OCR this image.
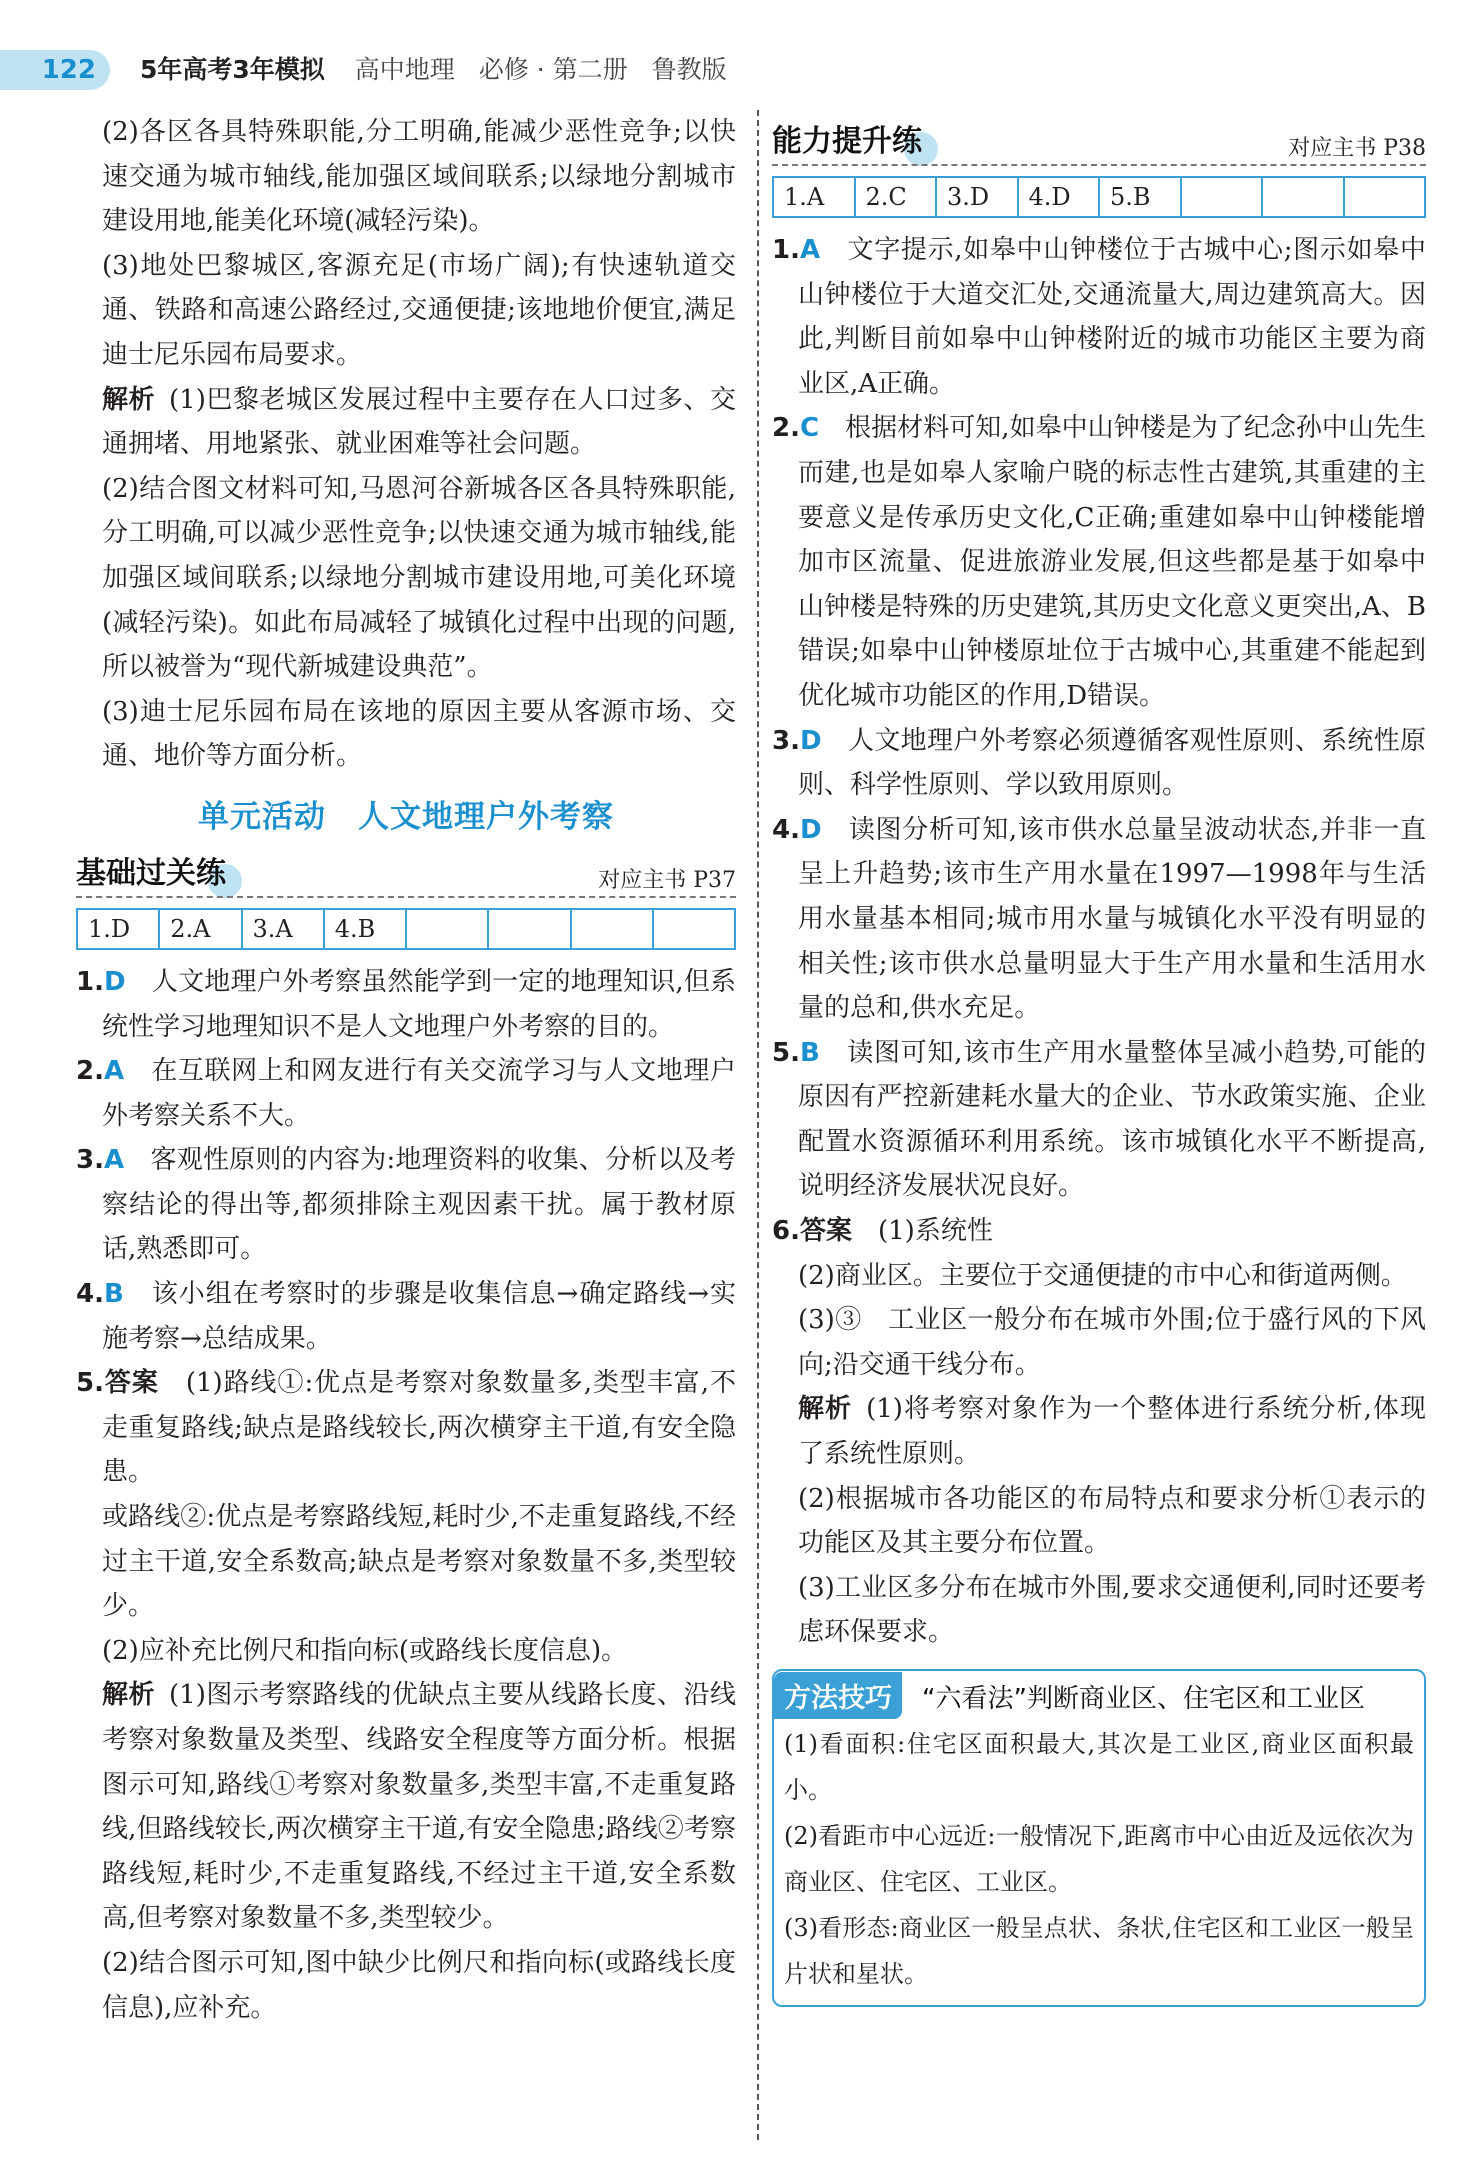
122	5年高考3年模拟 高中地理 必修 · 第二册 鲁教版

(2)各区各具特殊职能,分工明确,能减少恶性竞争;以快速交通为城市轴线,能加强区域间联系;以绿地分割城市建设用地,能美化环境(减轻污染)。

(3)地处巴黎城区,客源充足(市场广阔);有快速轨道交通、铁路和高速公路经过,交通便捷;该地地价便宜,满足迪士尼乐园布局要求。

解析 (1)巴黎老城区发展过程中主要存在人口过多、交通拥堵、用地紧张、就业困难等社会问题。

(2)结合图文材料可知,马恩河谷新城各区各具特殊职能,分工明确,可以减少恶性竞争;以快速交通为城市轴线,能加强区域间联系;以绿地分割城市建设用地,可美化环境(减轻污染)。如此布局减轻了城镇化过程中出现的问题,所以被誉为“现代新城建设典范”。

(3)迪士尼乐园布局在该地的原因主要从客源市场、交通、地价等方面分析。

单元活动　人文地理户外考察
基础过关练	对应主书 P37
1.D	2.A	3.A	4.B				

1.D　 人文地理户外考察虽然能学到一定的地理知识,但系统性学习地理知识不是人文地理户外考察的目的。

2.A　 在互联网上和网友进行有关交流学习与人文地理户外考察关系不大。

3.A　 客观性原则的内容为:地理资料的收集、分析以及考察结论的得出等,都须排除主观因素干扰。属于教材原话,熟悉即可。

4.B　 该小组在考察时的步骤是收集信息→确定路线→实施考察→总结成果。

5.答案　 (1)路线①:优点是考察对象数量多,类型丰富,不走重复路线;缺点是路线较长,两次横穿主干道,有安全隐患。

或路线②:优点是考察路线短,耗时少,不走重复路线,不经过主干道,安全系数高;缺点是考察对象数量不多,类型较少。

(2)应补充比例尺和指向标(或路线长度信息)。

解析 (1)图示考察路线的优缺点主要从线路长度、沿线考察对象数量及类型、线路安全程度等方面分析。根据图示可知,路线①考察对象数量多,类型丰富,不走重复路线,但路线较长,两次横穿主干道,有安全隐患;路线②考察路线短,耗时少,不走重复路线,不经过主干道,安全系数高,但考察对象数量不多,类型较少。

(2)结合图示可知,图中缺少比例尺和指向标(或路线长度信息),应补充。

能力提升练	对应主书 P38
1.A	2.C	3.D	4.D	5.B			

1.A　 文字提示,如皋中山钟楼位于古城中心;图示如皋中山钟楼位于大道交汇处,交通流量大,周边建筑高大。因此,判断目前如皋中山钟楼附近的城市功能区主要为商业区,A正确。

2.C　 根据材料可知,如皋中山钟楼是为了纪念孙中山先生而建,也是如皋人家喻户晓的标志性古建筑,其重建的主要意义是传承历史文化,C正确;重建如皋中山钟楼能增加市区流量、促进旅游业发展,但这些都是基于如皋中山钟楼是特殊的历史建筑,其历史文化意义更突出,A、B错误;如皋中山钟楼原址位于古城中心,其重建不能起到优化城市功能区的作用,D错误。

3.D　 人文地理户外考察必须遵循客观性原则、系统性原则、科学性原则、学以致用原则。

4.D　 读图分析可知,该市供水总量呈波动状态,并非一直呈上升趋势;该市生产用水量在1997—1998年与生活用水量基本相同;城市用水量与城镇化水平没有明显的相关性;该市供水总量明显大于生产用水量和生活用水量的总和,供水充足。

5.B　 读图可知,该市生产用水量整体呈减小趋势,可能的原因有严控新建耗水量大的企业、节水政策实施、企业配置水资源循环利用系统。该市城镇化水平不断提高,说明经济发展状况良好。

6.答案　 (1)系统性

(2)商业区。主要位于交通便捷的市中心和街道两侧。

(3)③　工业区一般分布在城市外围;位于盛行风的下风向;沿交通干线分布。

解析 (1)将考察对象作为一个整体进行系统分析,体现了系统性原则。

(2)根据城市各功能区的布局特点和要求分析①表示的功能区及其主要分布位置。

(3)工业区多分布在城市外围,要求交通便利,同时还要考虑环保要求。

方法技巧	“六看法”判断商业区、住宅区和工业区

(1)看面积:住宅区面积最大,其次是工业区,商业区面积最小。

(2)看距市中心远近:一般情况下,距离市中心由近及远依次为商业区、住宅区、工业区。

(3)看形态:商业区一般呈点状、条状,住宅区和工业区一般呈片状和星状。
